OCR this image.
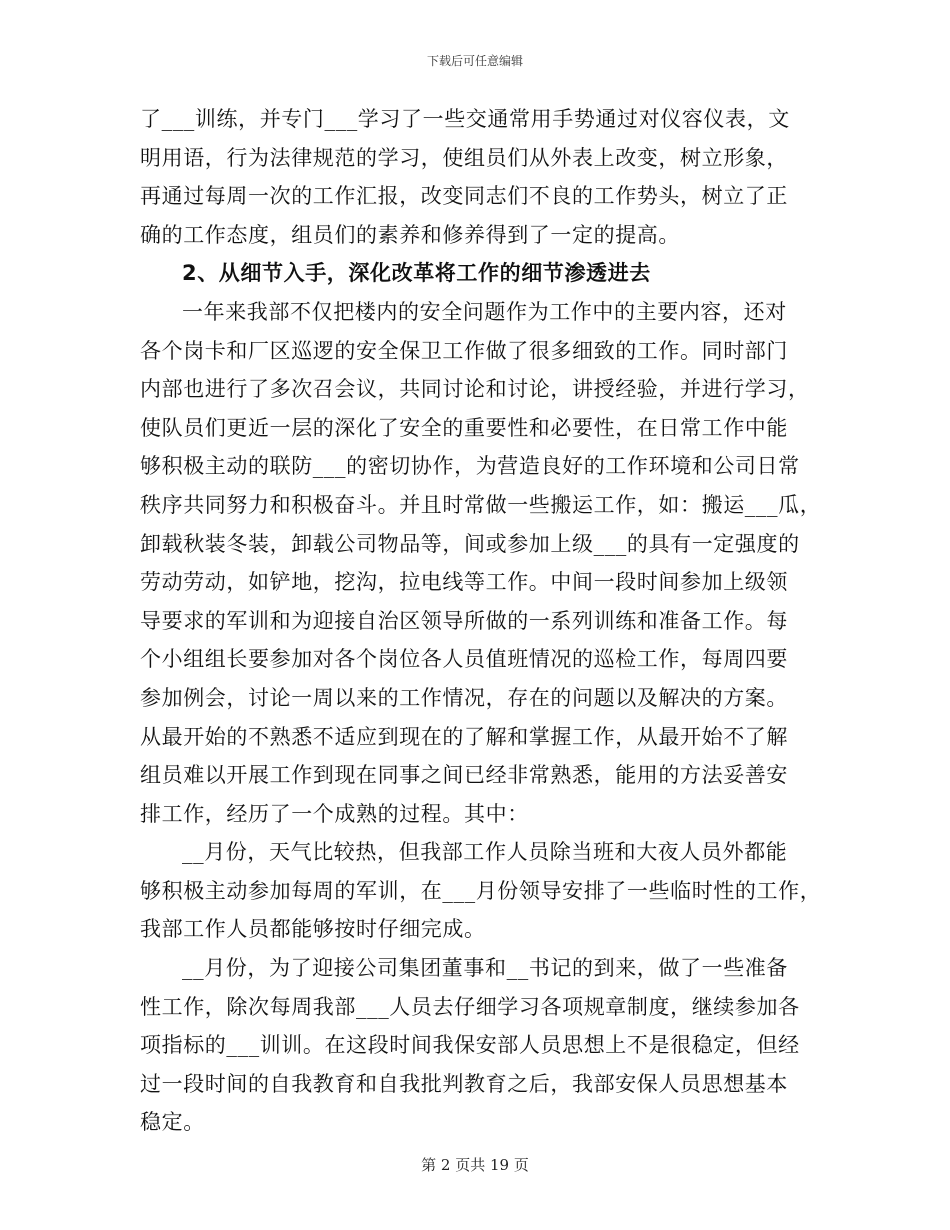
下载后可任意编辑
了___训练，并专门___学习了一些交通常用手势通过对仪容仪表，文
明用语，行为法律规范的学习，使组员们从外表上改变，树立形象，
再通过每周一次的工作汇报，改变同志们不良的工作势头，树立了正
确的工作态度，组员们的素养和修养得到了一定的提高。
2、从细节入手，深化改革将工作的细节渗透进去
一年来我部不仅把楼内的安全问题作为工作中的主要内容，还对
各个岗卡和厂区巡逻的安全保卫工作做了很多细致的工作。同时部门
内部也进行了多次召会议，共同讨论和讨论，讲授经验，并进行学习，
使队员们更近一层的深化了安全的重要性和必要性，在日常工作中能
够积极主动的联防___的密切协作，为营造良好的工作环境和公司日常
秩序共同努力和积极奋斗。并且时常做一些搬运工作，如：搬运___瓜，
卸载秋装冬装，卸载公司物品等，间或参加上级___的具有一定强度的
劳动劳动，如铲地，挖沟，拉电线等工作。中间一段时间参加上级领
导要求的军训和为迎接自治区领导所做的一系列训练和准备工作。每
个小组组长要参加对各个岗位各人员值班情况的巡检工作，每周四要
参加例会，讨论一周以来的工作情况，存在的问题以及解决的方案。
从最开始的不熟悉不适应到现在的了解和掌握工作，从最开始不了解
组员难以开展工作到现在同事之间已经非常熟悉，能用的方法妥善安
排工作，经历了一个成熟的过程。其中：
__月份，天气比较热，但我部工作人员除当班和大夜人员外都能
够积极主动参加每周的军训，在___月份领导安排了一些临时性的工作，
我部工作人员都能够按时仔细完成。
__月份，为了迎接公司集团董事和__书记的到来，做了一些准备
性工作，除次每周我部___人员去仔细学习各项规章制度，继续参加各
项指标的___训训。在这段时间我保安部人员思想上不是很稳定，但经
过一段时间的自我教育和自我批判教育之后，我部安保人员思想基本
稳定。
第 2 页共 19 页
